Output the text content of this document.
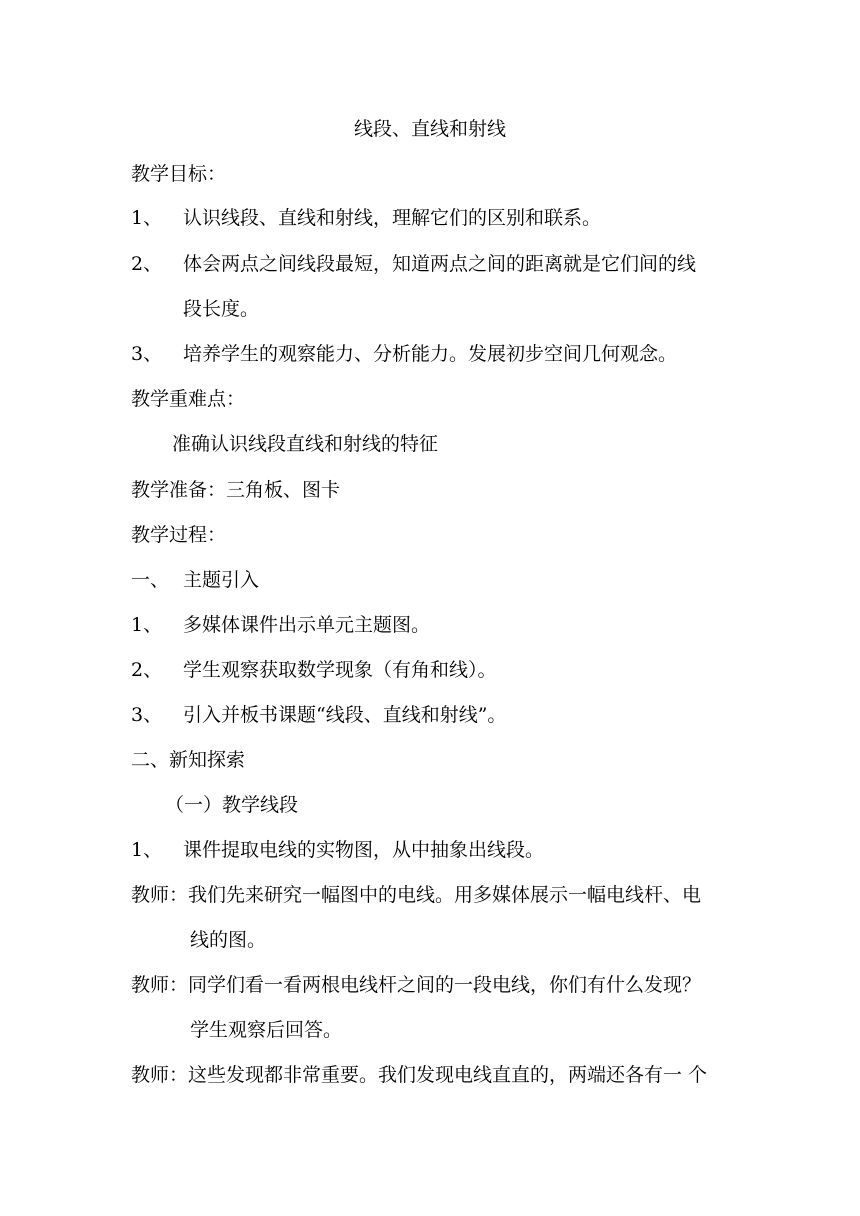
线段、直线和射线
教学目标：
1、 认识线段、直线和射线，理解它们的区别和联系。
2、 体会两点之间线段最短，知道两点之间的距离就是它们间的线
段长度。
3、 培养学生的观察能力、分析能力。发展初步空间几何观念。
教学重难点：
准确认识线段直线和射线的特征
教学准备：三角板、图卡
教学过程：
一、 主题引入
1、 多媒体课件出示单元主题图。
2、 学生观察获取数学现象（有角和线）。
3、 引入并板书课题“线段、直线和射线”。
二、新知探索
（一）教学线段
1、 课件提取电线的实物图，从中抽象出线段。
教师：我们先来研究一幅图中的电线。用多媒体展示一幅电线杆、电
线的图。
教师：同学们看一看两根电线杆之间的一段电线，你们有什么发现？
学生观察后回答。
教师：这些发现都非常重要。我们发现电线直直的，两端还各有一 个
